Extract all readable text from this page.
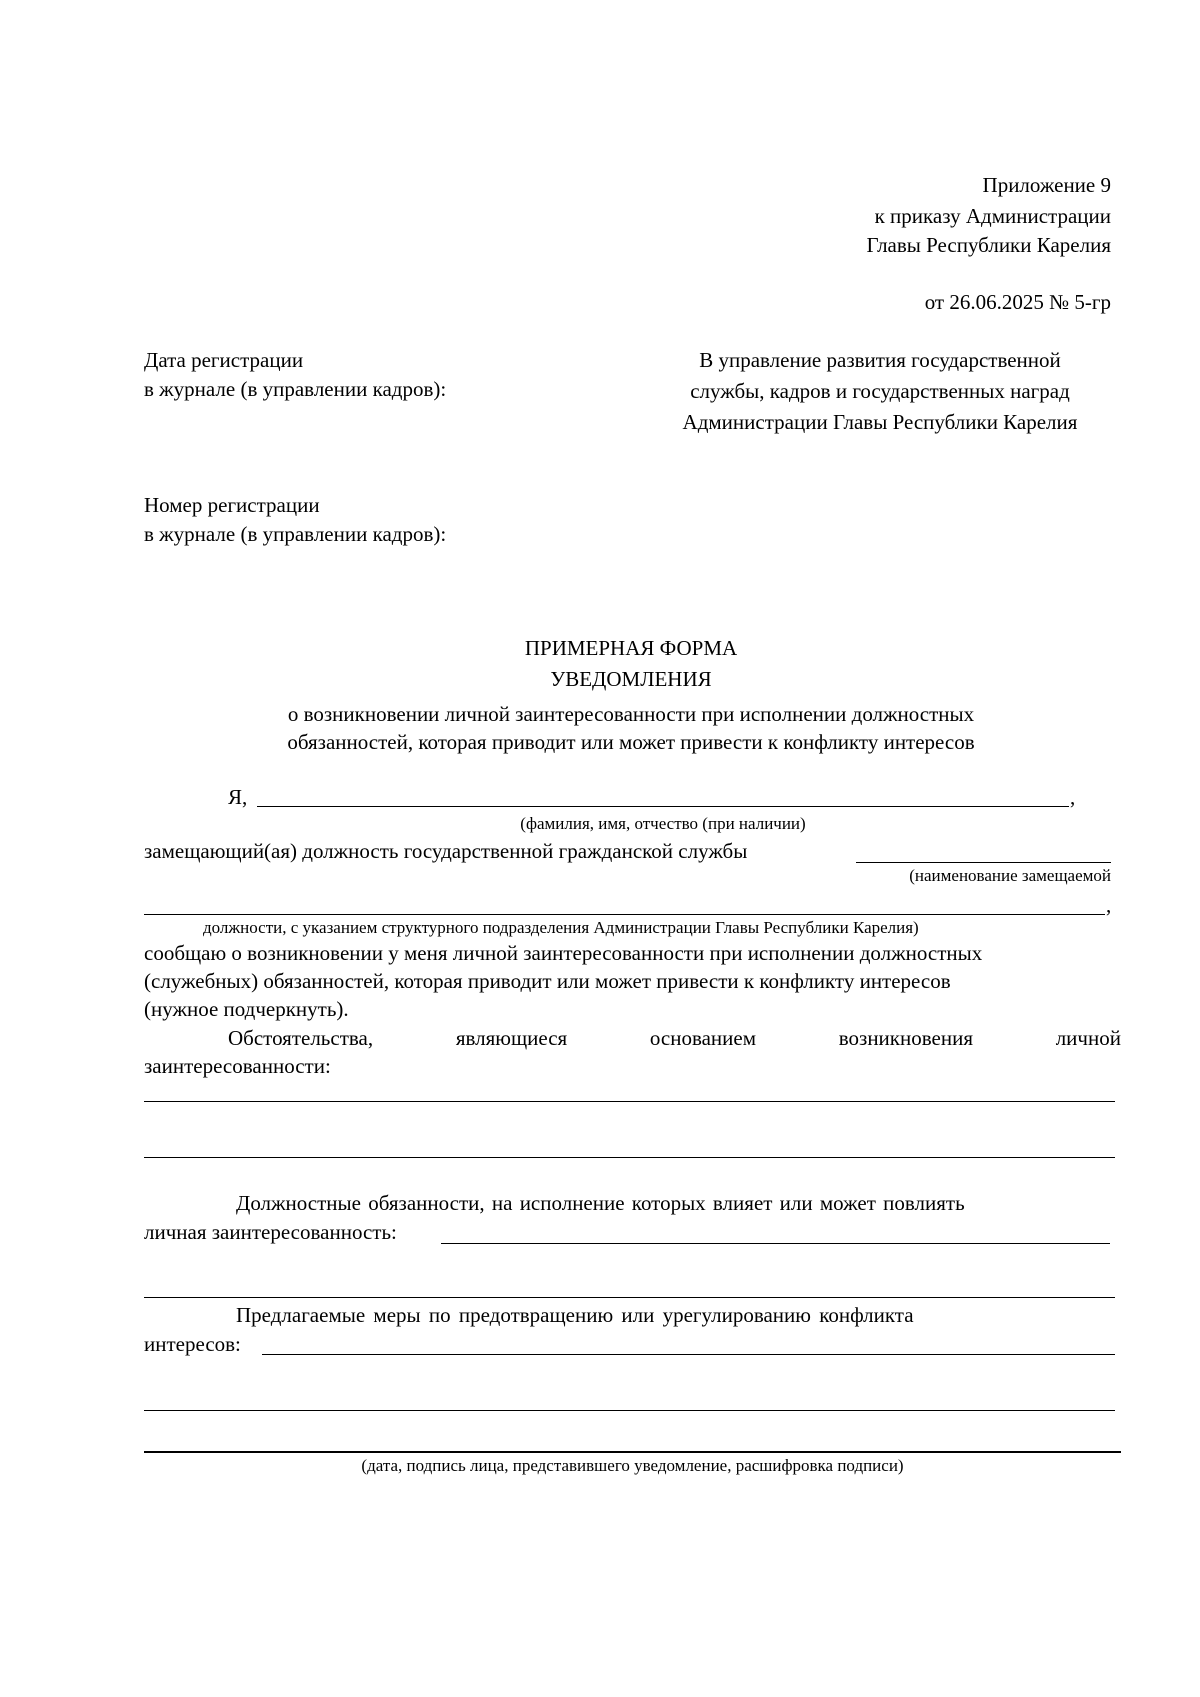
Приложение 9
к приказу Администрации
Главы Республики Карелия
от 26.06.2025 № 5-гр
Дата регистрации
в журнале (в управлении кадров):
В управление развития государственной
службы, кадров и государственных наград
Администрации Главы Республики Карелия
Номер регистрации
в журнале (в управлении кадров):
ПРИМЕРНАЯ ФОРМА
УВЕДОМЛЕНИЯ
о возникновении личной заинтересованности при исполнении должностных
обязанностей, которая приводит или может привести к конфликту интересов
Я,	,
(фамилия, имя, отчество (при наличии)
замещающий(ая) должность государственной гражданской службы
(наименование замещаемой
,
должности, с указанием структурного подразделения Администрации Главы Республики Карелия)
сообщаю о возникновении у меня личной заинтересованности при исполнении должностных
(служебных) обязанностей, которая приводит или может привести к конфликту интересов
(нужное подчеркнуть).
Обстоятельства,	являющиеся	основанием	возникновения	личной
заинтересованности:
Должностные обязанности, на исполнение которых влияет или может повлиять
личная заинтересованность:
Предлагаемые меры по предотвращению или урегулированию конфликта
интересов:
(дата, подпись лица, представившего уведомление, расшифровка подписи)
